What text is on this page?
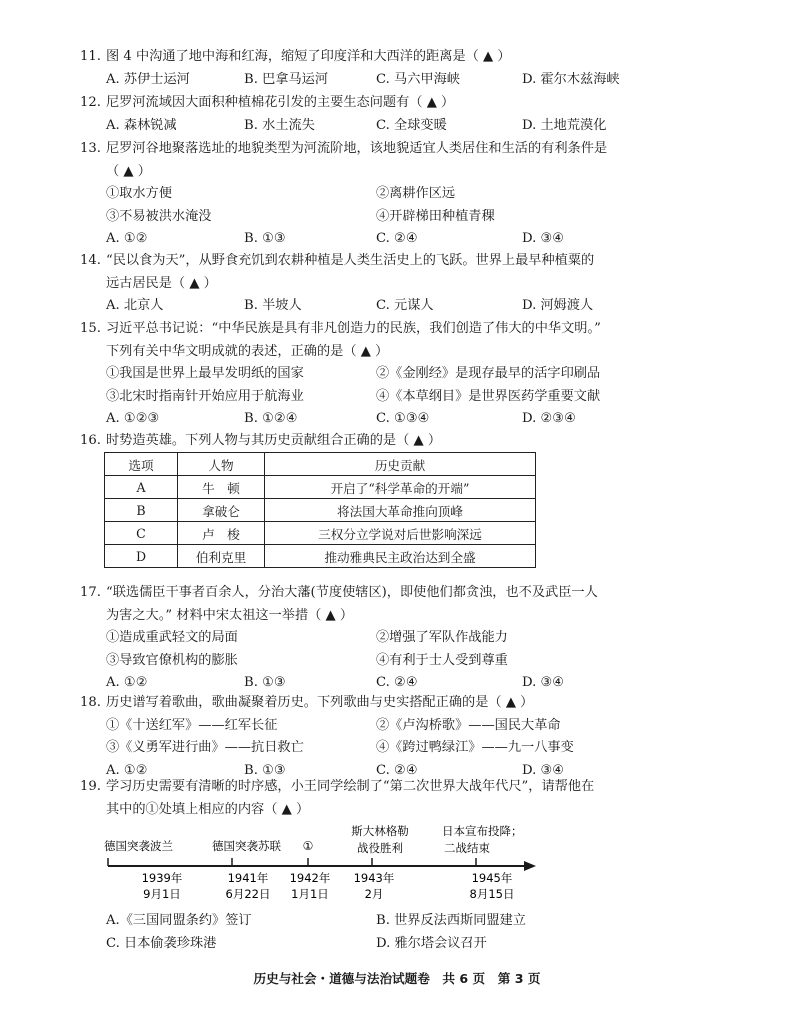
11. 图 4 中沟通了地中海和红海，缩短了印度洋和大西洋的距离是（ ▲ ）
A. 苏伊士运河	B. 巴拿马运河	C. 马六甲海峡	D. 霍尔木兹海峡
12. 尼罗河流域因大面积种植棉花引发的主要生态问题有（ ▲ ）
A. 森林锐减	B. 水土流失	C. 全球变暖	D. 土地荒漠化
13. 尼罗河谷地聚落选址的地貌类型为河流阶地，该地貌适宜人类居住和生活的有利条件是
（ ▲ ）
①取水方便	②离耕作区远
③不易被洪水淹没	④开辟梯田种植青稞
A. ①②	B. ①③	C. ②④	D. ③④
14. “民以食为天”，从野食充饥到农耕种植是人类生活史上的飞跃。世界上最早种植粟的
远古居民是（ ▲ ）
A. 北京人	B. 半坡人	C. 元谋人	D. 河姆渡人
15. 习近平总书记说：“中华民族是具有非凡创造力的民族，我们创造了伟大的中华文明。”
下列有关中华文明成就的表述，正确的是（ ▲ ）
①我国是世界上最早发明纸的国家	②《金刚经》是现存最早的活字印刷品
③北宋时指南针开始应用于航海业	④《本草纲目》是世界医药学重要文献
A. ①②③	B. ①②④	C. ①③④	D. ②③④
16. 时势造英雄。下列人物与其历史贡献组合正确的是（ ▲ ）
选项	人物	历史贡献
A	牛　顿	开启了“科学革命的开端”
B	拿破仑	将法国大革命推向顶峰
C	卢　梭	三权分立学说对后世影响深远
D	伯利克里	推动雅典民主政治达到全盛
17. “联选儒臣干事者百余人，分治大藩(节度使辖区)，即使他们都贪浊，也不及武臣一人
为害之大。” 材料中宋太祖这一举措（ ▲ ）
①造成重武轻文的局面	②增强了军队作战能力
③导致官僚机构的膨胀	④有利于士人受到尊重
A. ①②	B. ①③	C. ②④	D. ③④
18. 历史谱写着歌曲，歌曲凝聚着历史。下列歌曲与史实搭配正确的是（ ▲ ）
①《十送红军》——红军长征	②《卢沟桥歌》——国民大革命
③《义勇军进行曲》——抗日救亡	④《跨过鸭绿江》——九一八事变
A. ①②	B. ①③	C. ②④	D. ③④
19. 学习历史需要有清晰的时序感，小王同学绘制了“第二次世界大战年代尺”，请帮他在
其中的①处填上相应的内容（ ▲ ）
德国突袭波兰	德国突袭苏联 ①
斯大林格勒
战役胜利
日本宣布投降；
二战结束
1939年
9月1日
1941年
6月22日
1942年
1月1日
1943年
2月
1945年
8月15日
A.《三国同盟条约》签订	B. 世界反法西斯同盟建立
C. 日本偷袭珍珠港	D. 雅尔塔会议召开
历史与社会・道德与法治试题卷　共 6 页　第 3 页
